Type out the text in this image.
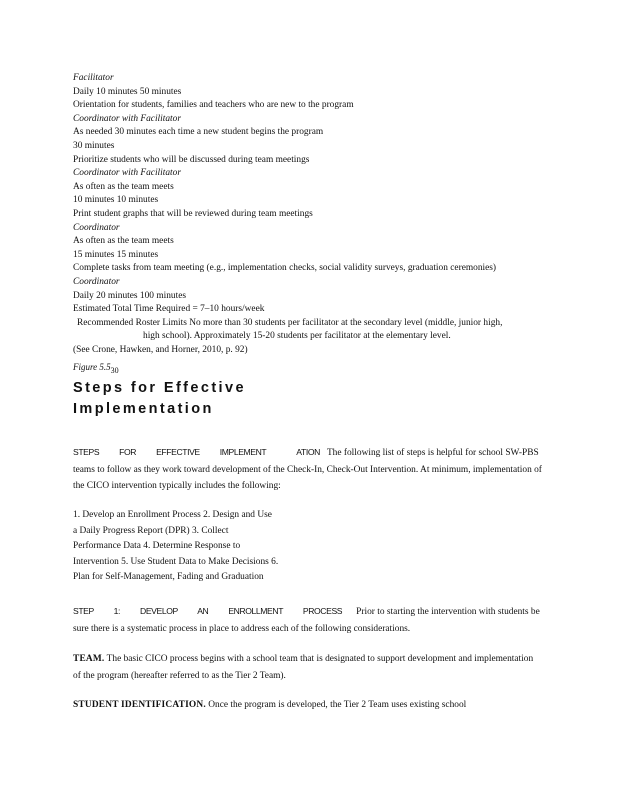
Facilitator
Daily 10 minutes 50 minutes
Orientation for students, families and teachers who are new to the program
Coordinator with Facilitator
As needed 30 minutes each time a new student begins the program
30 minutes
Prioritize students who will be discussed during team meetings
Coordinator with Facilitator
As often as the team meets
10 minutes 10 minutes
Print student graphs that will be reviewed during team meetings
Coordinator
As often as the team meets
15 minutes 15 minutes
Complete tasks from team meeting (e.g., implementation checks, social validity surveys, graduation ceremonies)
Coordinator
Daily 20 minutes 100 minutes
Estimated Total Time Required = 7–10 hours/week
Recommended Roster Limits No more than 30 students per facilitator at the secondary level (middle, junior high,
high school). Approximately 15-20 students per facilitator at the elementary level.
(See Crone, Hawken, and Horner, 2010, p. 92)
Figure $5.5_{30}$
Steps for Effective
Implementation
STEPS FOR EFFECTIVE IMPLEMENT	ATION The following list of steps is helpful for school SW-PBS teams to follow as they work toward development of the Check-In, Check-Out Intervention. At minimum, implementation of the CICO intervention typically includes the following:
1. Develop an Enrollment Process 2. Design and Use
a Daily Progress Report (DPR) 3. Collect
Performance Data 4. Determine Response to
Intervention 5. Use Student Data to Make Decisions 6.
Plan for Self-Management, Fading and Graduation
STEP 1: DEVELOP AN ENROLLMENT PROCESS Prior to starting the intervention with students be sure there is a systematic process in place to address each of the following considerations.
TEAM. The basic CICO process begins with a school team that is designated to support development and implementation of the program (hereafter referred to as the Tier 2 Team).
STUDENT IDENTIFICATION. Once the program is developed, the Tier 2 Team uses existing school
